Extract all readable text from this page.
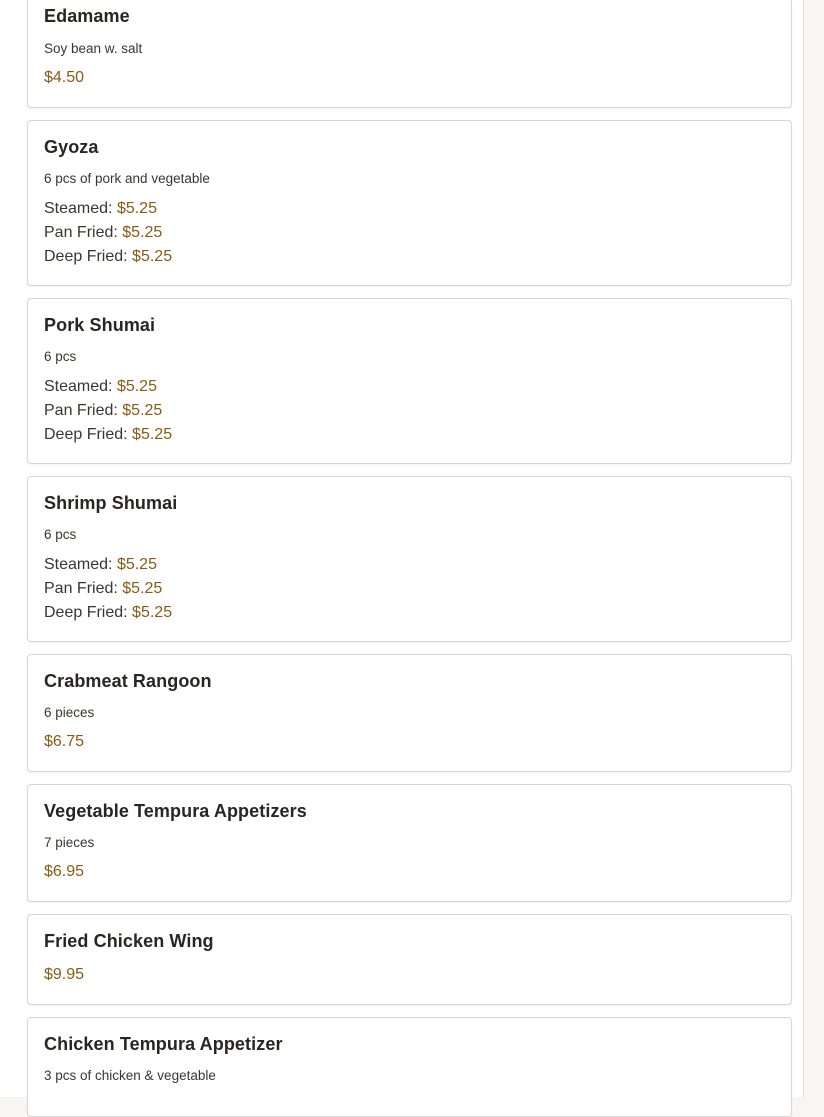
Edamame
Soy bean w. salt
$4.50
Gyoza
6 pcs of pork and vegetable
Steamed: $5.25
Pan Fried: $5.25
Deep Fried: $5.25
Pork Shumai
6 pcs
Steamed: $5.25
Pan Fried: $5.25
Deep Fried: $5.25
Shrimp Shumai
6 pcs
Steamed: $5.25
Pan Fried: $5.25
Deep Fried: $5.25
Crabmeat Rangoon
6 pieces
$6.75
Vegetable Tempura Appetizers
7 pieces
$6.95
Fried Chicken Wing
$9.95
Chicken Tempura Appetizer
3 pcs of chicken & vegetable
